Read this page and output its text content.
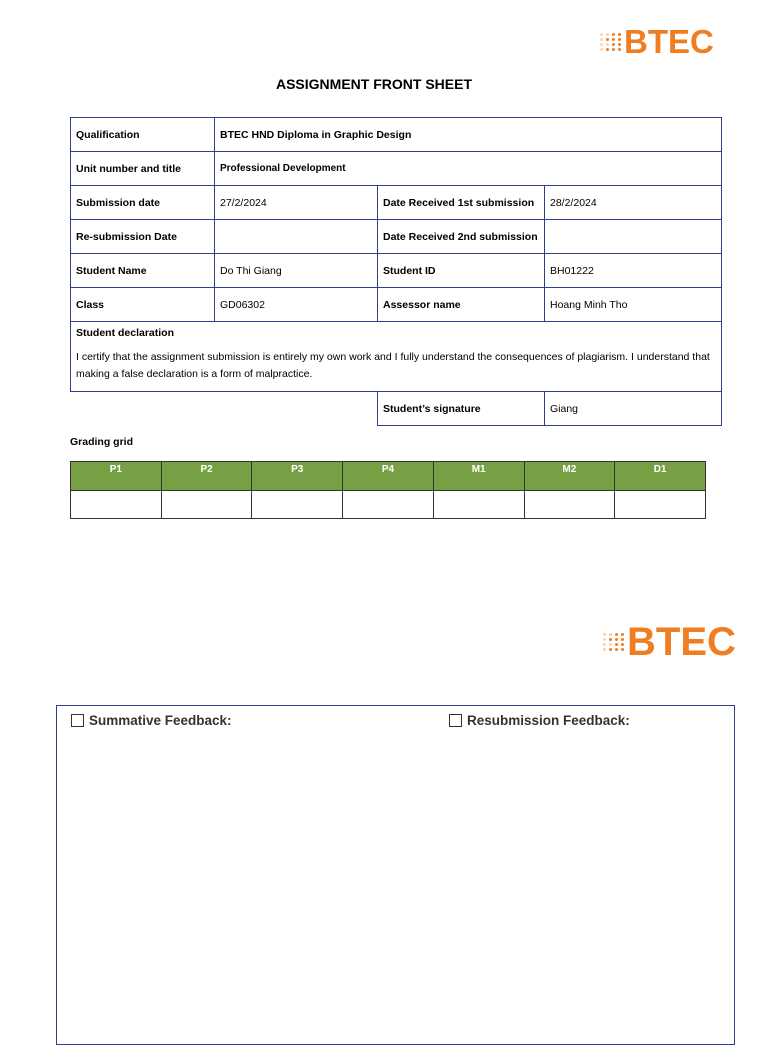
BTEC
ASSIGNMENT FRONT SHEET
Qualification	BTEC HND Diploma in Graphic Design		
Unit number and title	Professional Development		
Submission date	27/2/2024	Date Received 1st submission	28/2/2024
Re-submission Date		Date Received 2nd submission	
Student Name	Do Thi Giang	Student ID	BH01222
Class	GD06302	Assessor name	Hoang Minh Tho

Student declaration
I certify that the assignment submission is entirely my own work and I fully understand the consequences of plagiarism. I understand that making a false declaration is a form of malpractice.			

		Student’s signature	Giang
Grading grid
P1	P2	P3	P4	M1	M2	D1

BTEC
Summative Feedback:	Resubmission Feedback:
